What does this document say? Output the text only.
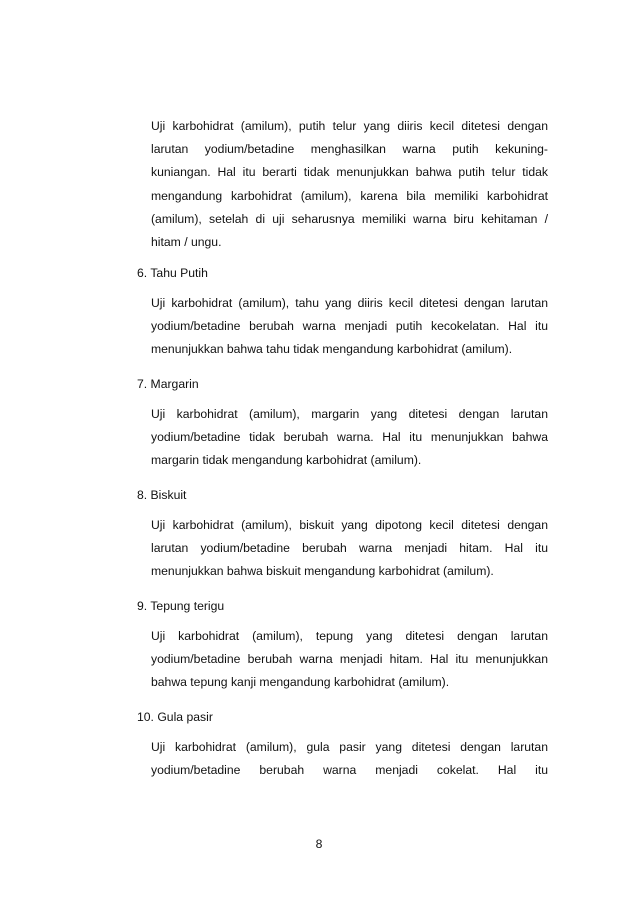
Uji karbohidrat (amilum), putih telur yang diiris kecil ditetesi dengan
larutan yodium/betadine menghasilkan warna putih kekuning-
kuniangan. Hal itu berarti tidak menunjukkan bahwa putih telur tidak
mengandung karbohidrat (amilum), karena bila memiliki karbohidrat
(amilum), setelah di uji seharusnya memiliki warna biru kehitaman /
hitam / ungu.

6. Tahu Putih

Uji karbohidrat (amilum), tahu yang diiris kecil ditetesi dengan larutan
yodium/betadine berubah warna menjadi putih kecokelatan. Hal itu
menunjukkan bahwa tahu tidak mengandung karbohidrat (amilum).

7. Margarin

Uji karbohidrat (amilum), margarin yang ditetesi dengan larutan
yodium/betadine tidak berubah warna. Hal itu menunjukkan bahwa
margarin tidak mengandung karbohidrat (amilum).

8. Biskuit

Uji karbohidrat (amilum), biskuit yang dipotong kecil ditetesi dengan
larutan yodium/betadine berubah warna menjadi hitam. Hal itu
menunjukkan bahwa biskuit mengandung karbohidrat (amilum).

9. Tepung terigu

Uji karbohidrat (amilum), tepung yang ditetesi dengan larutan
yodium/betadine berubah warna menjadi hitam. Hal itu menunjukkan
bahwa tepung kanji mengandung karbohidrat (amilum).

10. Gula pasir

Uji karbohidrat (amilum), gula pasir yang ditetesi dengan larutan
yodium/betadine berubah warna menjadi cokelat. Hal itu
8
